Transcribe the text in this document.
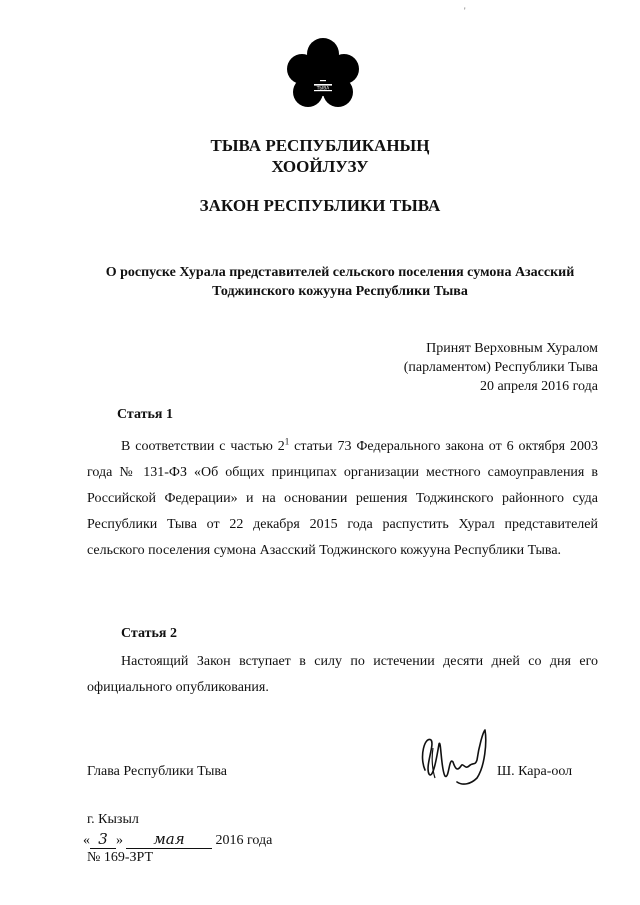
'
ТЫВА
ТЫВА РЕСПУБЛИКАНЫҢ
ХООЙЛУЗУ
ЗАКОН РЕСПУБЛИКИ ТЫВА
О роспуске Хурала представителей сельского поселения сумона Азасский
Тоджинского кожууна Республики Тыва
Принят Верховным Хуралом
(парламентом) Республики Тыва
20 апреля 2016 года
Статья 1
В соответствии с частью $2^1$ статьи 73 Федерального закона от 6 октября 2003 года № 131-ФЗ «Об общих принципах организации местного самоуправления в Российской Федерации» и на основании решения Тоджинского районного суда Республики Тыва от 22 декабря 2015 года распустить Хурал представителей сельского поселения сумона Азасский Тоджинского кожууна Республики Тыва.
Статья 2
Настоящий Закон вступает в силу по истечении десяти дней со дня его официального опубликования.
Глава Республики Тыва	Ш. Кара-оол
г. Кызыл
« 3 » мая 2016 года
№ 169-ЗРТ
